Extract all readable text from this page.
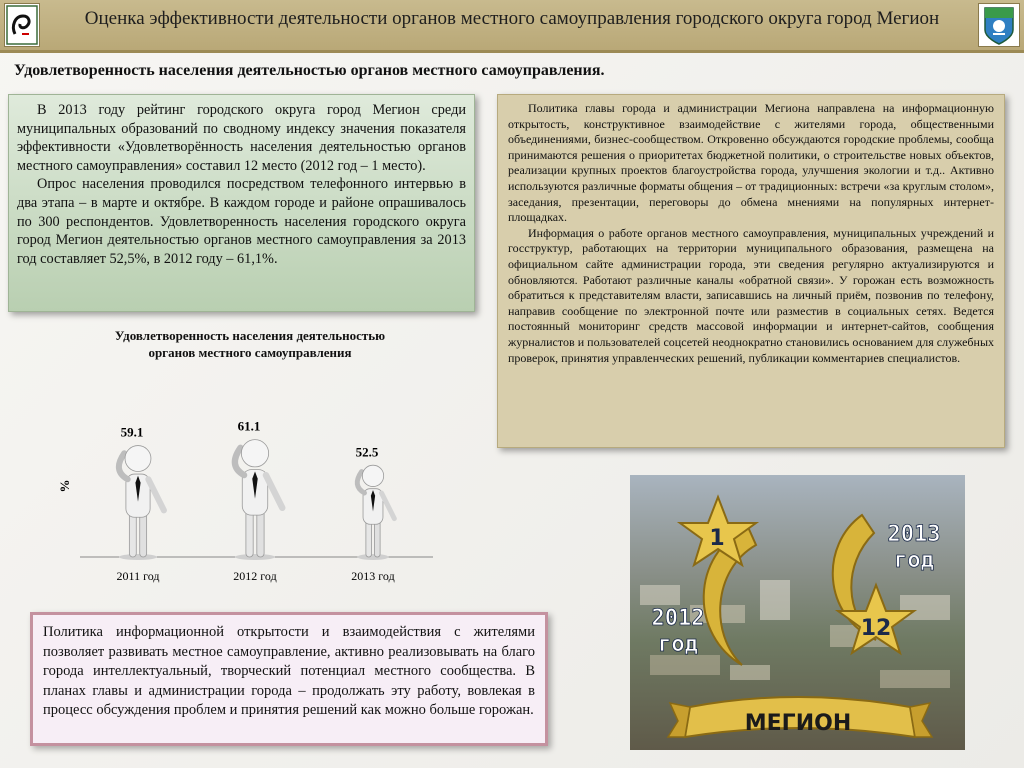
Оценка эффективности деятельности органов местного самоуправления городского округа город Мегион
Удовлетворенность населения деятельностью органов местного самоуправления.

В 2013 году рейтинг городского округа город Мегион среди муниципальных образований по сводному индексу значения показателя эффективности «Удовлетворённость населения деятельностью органов местного самоуправления» составил 12 место (2012 год – 1 место).

Опрос населения проводился посредством телефонного интервью в два этапа – в марте и октябре. В каждом городе и районе опрашивалось по 300 респондентов. Удовлетворенность населения городского округа город Мегион деятельностью органов местного самоуправления за 2013 год составляет 52,5%, в 2012 году – 61,1%.

Политика главы города и администрации Мегиона направлена на информационную открытость, конструктивное взаимодействие с жителями города, общественными объединениями, бизнес-сообществом. Откровенно обсуждаются городские проблемы, сообща принимаются решения о приоритетах бюджетной политики, о строительстве новых объектов, реализации крупных проектов благоустройства города, улучшения экологии и т.д.. Активно используются различные форматы общения – от традиционных: встречи «за круглым столом», заседания, презентации, переговоры до обмена мнениями на популярных интернет-площадках.

Информация о работе органов местного самоуправления, муниципальных учреждений и госструктур, работающих на территории муниципального образования, размещена на официальном сайте администрации города, эти сведения регулярно актуализируются и обновляются. Работают различные каналы «обратной связи». У горожан есть возможность обратиться к представителям власти, записавшись на личный приём, позвонив по телефону, направив сообщение по электронной почте или разместив в социальных сетях. Ведется постоянный мониторинг средств массовой информации и интернет-сайтов, сообщения журналистов и пользователей соцсетей неоднократно становились основанием для служебных проверок, принятия управленческих решений, публикации комментариев специалистов.

Удовлетворенность населения деятельностью
органов местного самоуправления
%
59.1
2011 год
61.1
2012 год
52.5
2013 год

Политика информационной открытости и взаимодействия с жителями позволяет развивать местное самоуправление, активно реализовывать на благо города интеллектуальный, творческий потенциал местного сообщества. В планах главы и администрации города – продолжать эту работу, вовлекая в процесс обсуждения проблем и принятия решений как можно больше горожан.

1
12
2012
год
2013
год
МЕГИОН
